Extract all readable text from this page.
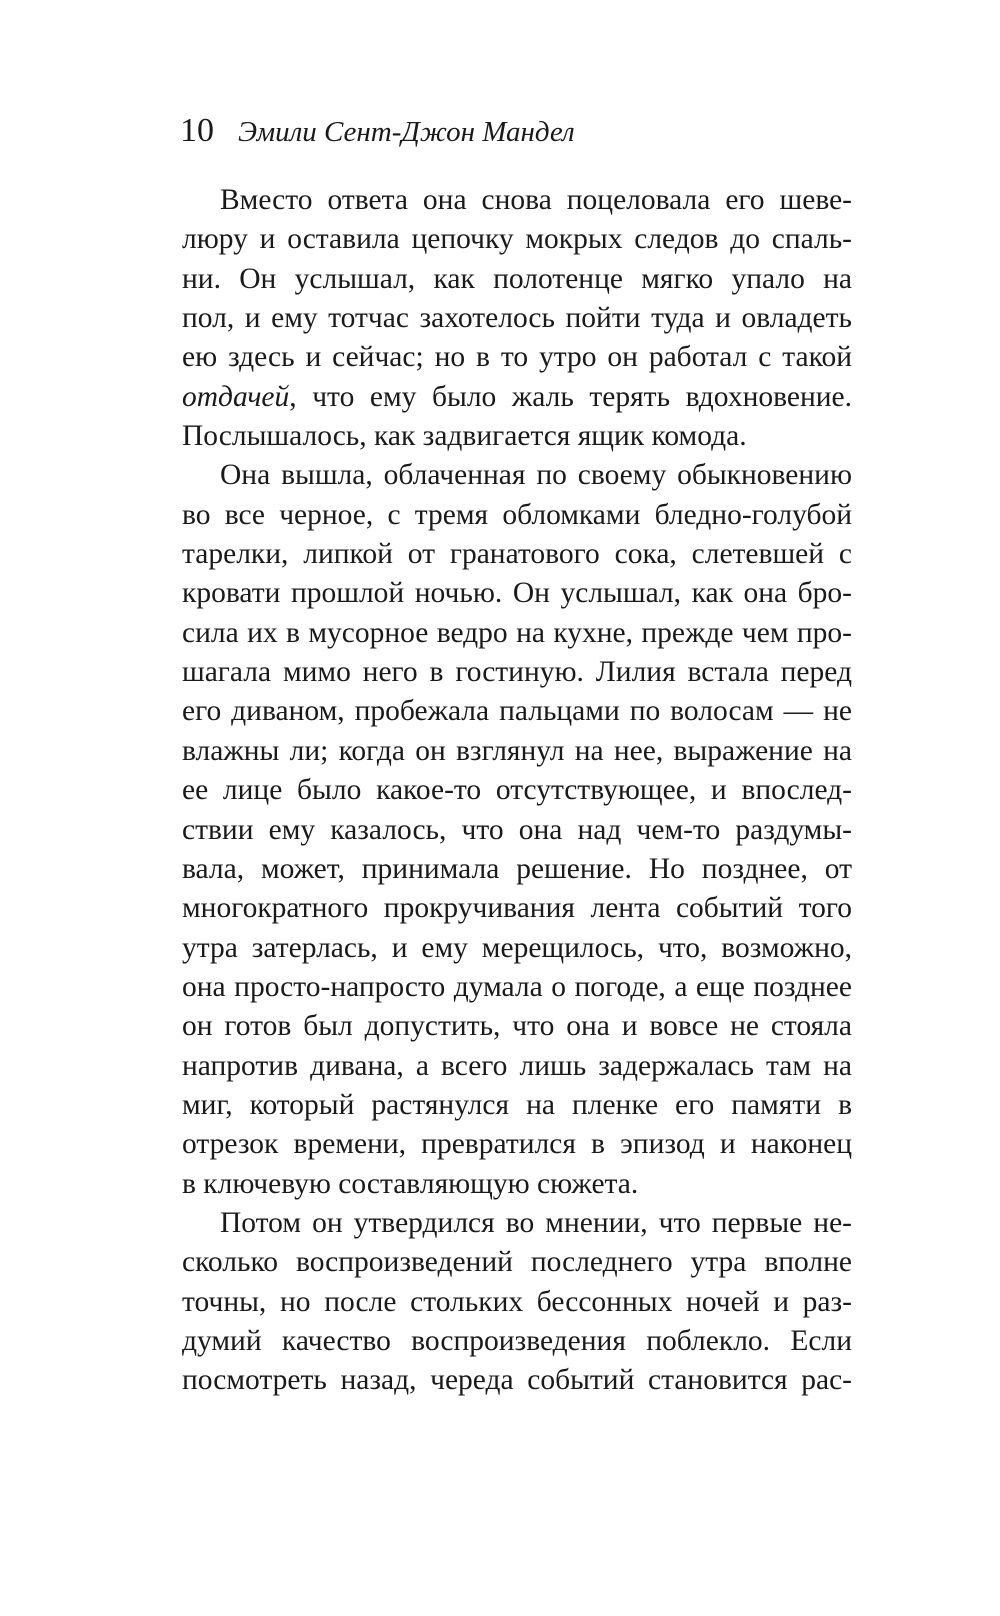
10 Эмили Сент-Джон Мандел
Вместо ответа она снова поцеловала его шеве-
люру и оставила цепочку мокрых следов до спаль-
ни. Он услышал, как полотенце мягко упало на
пол, и ему тотчас захотелось пойти туда и овладеть
ею здесь и сейчас; но в то утро он работал с такой
отдачей, что ему было жаль терять вдохновение.
Послышалось, как задвигается ящик комода.
Она вышла, облаченная по своему обыкновению
во все черное, с тремя обломками бледно-голубой
тарелки, липкой от гранатового сока, слетевшей с
кровати прошлой ночью. Он услышал, как она бро-
сила их в мусорное ведро на кухне, прежде чем про-
шагала мимо него в гостиную. Лилия встала перед
его диваном, пробежала пальцами по волосам — не
влажны ли; когда он взглянул на нее, выражение на
ее лице было какое-то отсутствующее, и впослед-
ствии ему казалось, что она над чем-то раздумы-
вала, может, принимала решение. Но позднее, от
многократного прокручивания лента событий того
утра затерлась, и ему мерещилось, что, возможно,
она просто-напросто думала о погоде, а еще позднее
он готов был допустить, что она и вовсе не стояла
напротив дивана, а всего лишь задержалась там на
миг, который растянулся на пленке его памяти в
отрезок времени, превратился в эпизод и наконец
в ключевую составляющую сюжета.
Потом он утвердился во мнении, что первые не-
сколько воспроизведений последнего утра вполне
точны, но после стольких бессонных ночей и раз-
думий качество воспроизведения поблекло. Если
посмотреть назад, череда событий становится рас-
